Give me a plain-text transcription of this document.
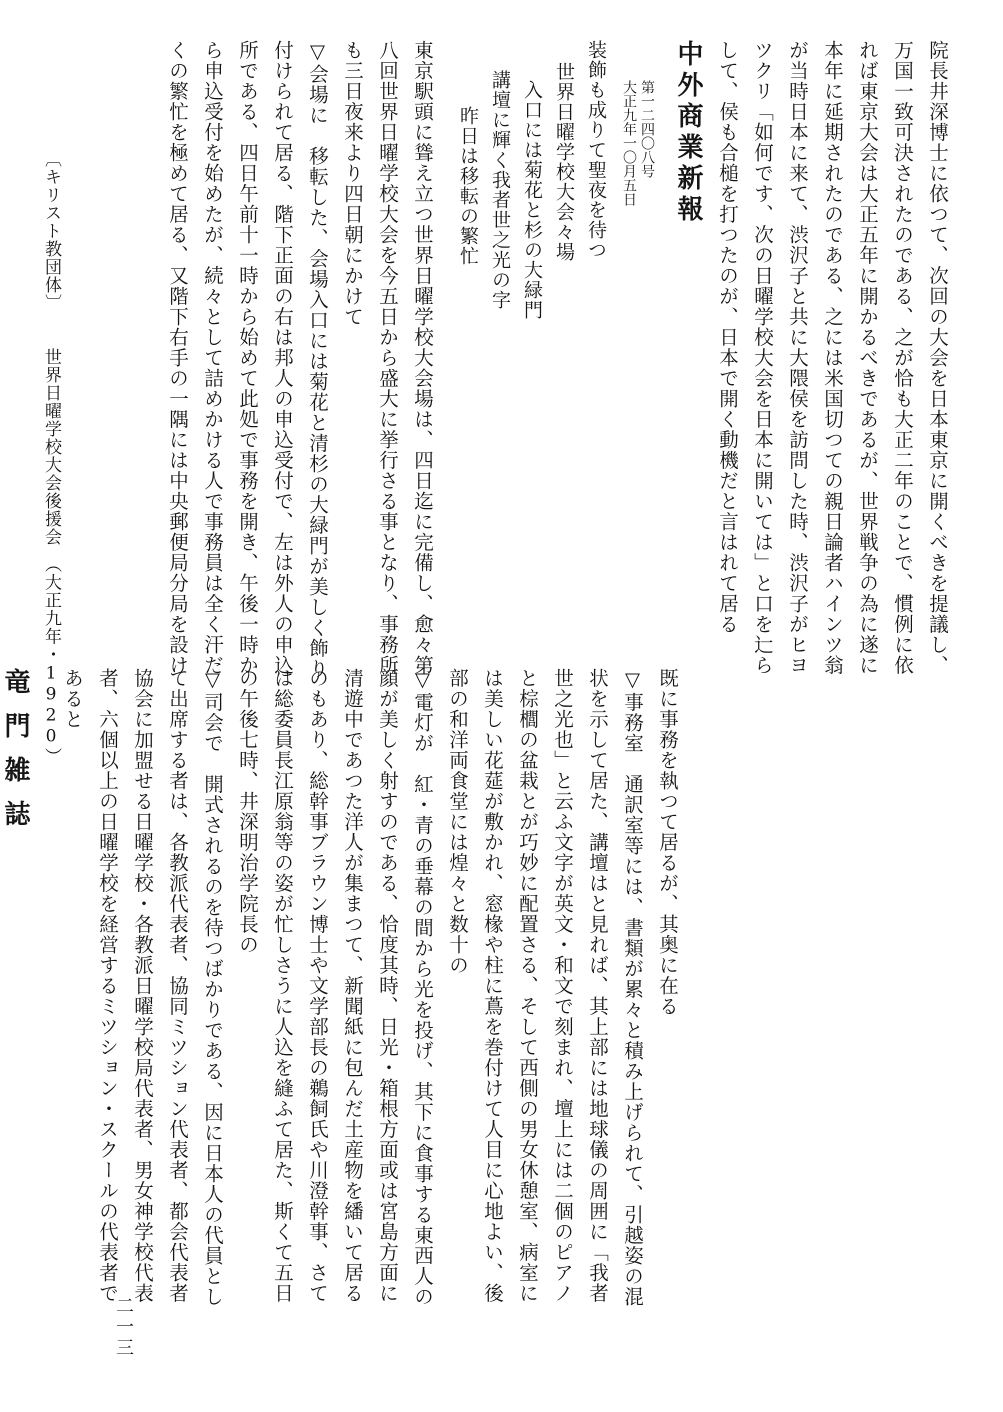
院長井深博士に依つて、次回の大会を日本東京に開くべきを提議し、

万国一致可決されたのである、之が恰も大正二年のことで、慣例に依

れば東京大会は大正五年に開かるべきであるが、世界戦争の為に遂に

本年に延期されたのである、之には米国切つての親日論者ハインツ翁

が当時日本に来て、渋沢子と共に大隈侯を訪問した時、渋沢子がヒヨ

ツクリ「如何です、次の日曜学校大会を日本に開いては」と口を辷ら

して、侯も合槌を打つたのが、日本で開く動機だと言はれて居る

中外商業新報

第一二四〇八号

大正九年一〇月五日

装飾も成りて聖夜を待つ

世界日曜学校大会々場

入口には菊花と杉の大緑門

講壇に輝く我者世之光の字

昨日は移転の繁忙

東京駅頭に聳え立つ世界日曜学校大会場は、四日迄に完備し、愈々第

八回世界日曜学校大会を今五日から盛大に挙行さる事となり、事務所

も三日夜来より四日朝にかけて

▽会場に　移転した、会場入口には菊花と清杉の大緑門が美しく飾り

付けられて居る、階下正面の右は邦人の申込受付で、左は外人の申込

所である、四日午前十一時から始めて此処で事務を開き、午後一時か

ら申込受付を始めたが、続々として詰めかける人で事務員は全く汗だ

くの繁忙を極めて居る、又階下右手の一隅には中央郵便局分局を設け

既に事務を執つて居るが、其奥に在る

▽事務室　通訳室等には、書類が累々と積み上げられて、引越姿の混

状を示して居た、講壇はと見れば、其上部には地球儀の周囲に「我者

世之光也」と云ふ文字が英文・和文で刻まれ、壇上には二個のピアノ

と棕櫚の盆栽とが巧妙に配置さる、そして西側の男女休憩室、病室に

は美しい花莚が敷かれ、窓椽や柱に蔦を巻付けて人目に心地よい、後

部の和洋両食堂には煌々と数十の

▽電灯が　紅・青の垂幕の間から光を投げ、其下に食事する東西人の

顔が美しく射すのである、恰度其時、日光・箱根方面或は宮島方面に

清遊中であつた洋人が集まつて、新聞紙に包んだ土産物を繙いて居る

のもあり、総幹事ブラウン博士や文学部長の鵜飼氏や川澄幹事、さて

は総委員長江原翁等の姿が忙しさうに人込を縫ふて居た、斯くて五日

の午後七時、井深明治学院長の

▽司会で　開式されるのを待つばかりである、因に日本人の代員とし

て出席する者は、各教派代表者、協同ミツション代表者、都会代表者

協会に加盟せる日曜学校・各教派日曜学校局代表者、男女神学校代表

者、六個以上の日曜学校を経営するミツション・スクールの代表者で

あると

竜門雑誌

〔キリスト教団体〕世界日曜学校大会後援会　（大正九年・1920）
二一三
